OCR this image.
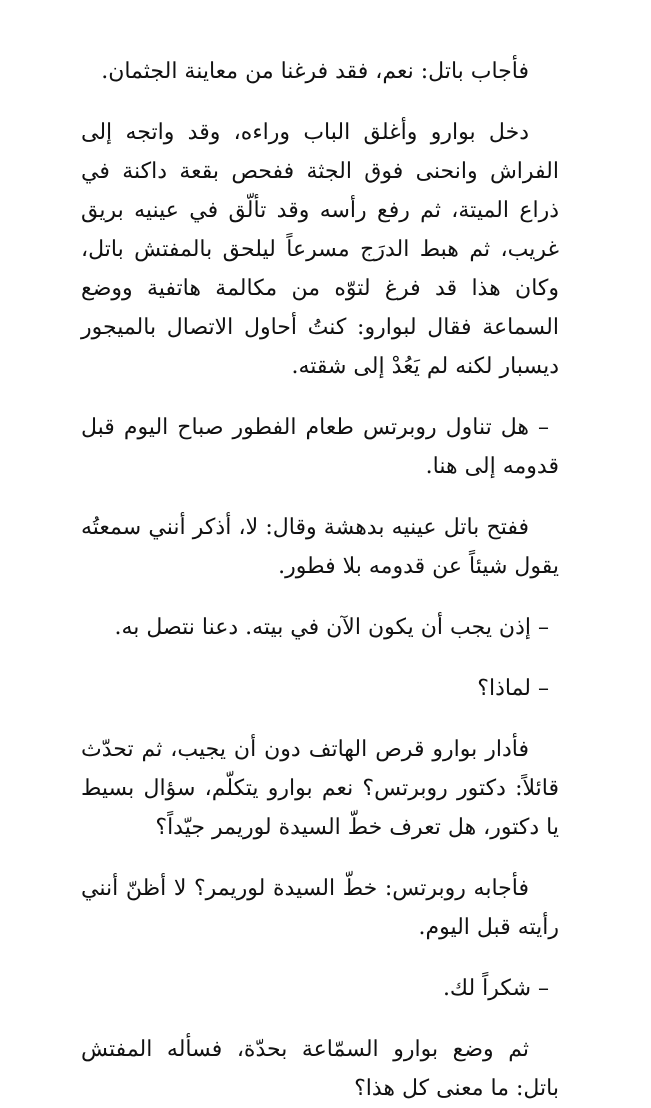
فأجاب باتل: نعم، فقد فرغنا من معاينة الجثمان.

دخل بوارو وأغلق الباب وراءه، وقد واتجه إلى الفراش وانحنى فوق الجثة ففحص بقعة داكنة في ذراع الميتة، ثم رفع رأسه وقد تألّق في عينيه بريق غريب، ثم هبط الدرَج مسرعاً ليلحق بالمفتش باتل، وكان هذا قد فرغ لتوّه من مكالمة هاتفية ووضع السماعة فقال لبوارو: كنتُ أحاول الاتصال بالميجور ديسبار لكنه لم يَعُدْ إلى شقته.

– هل تناول روبرتس طعام الفطور صباح اليوم قبل قدومه إلى هنا.

ففتح باتل عينيه بدهشة وقال: لا، أذكر أنني سمعتُه يقول شيئاً عن قدومه بلا فطور.

– إذن يجب أن يكون الآن في بيته. دعنا نتصل به.

– لماذا؟

فأدار بوارو قرص الهاتف دون أن يجيب، ثم تحدّث قائلاً: دكتور روبرتس؟ نعم بوارو يتكلّم، سؤال بسيط يا دكتور، هل تعرف خطّ السيدة لوريمر جيّداً؟

فأجابه روبرتس: خطّ السيدة لوريمر؟ لا أظنّ أنني رأيته قبل اليوم.

– شكراً لك.

ثم وضع بوارو السمّاعة بحدّة، فسأله المفتش باتل: ما معنى كل هذا؟
